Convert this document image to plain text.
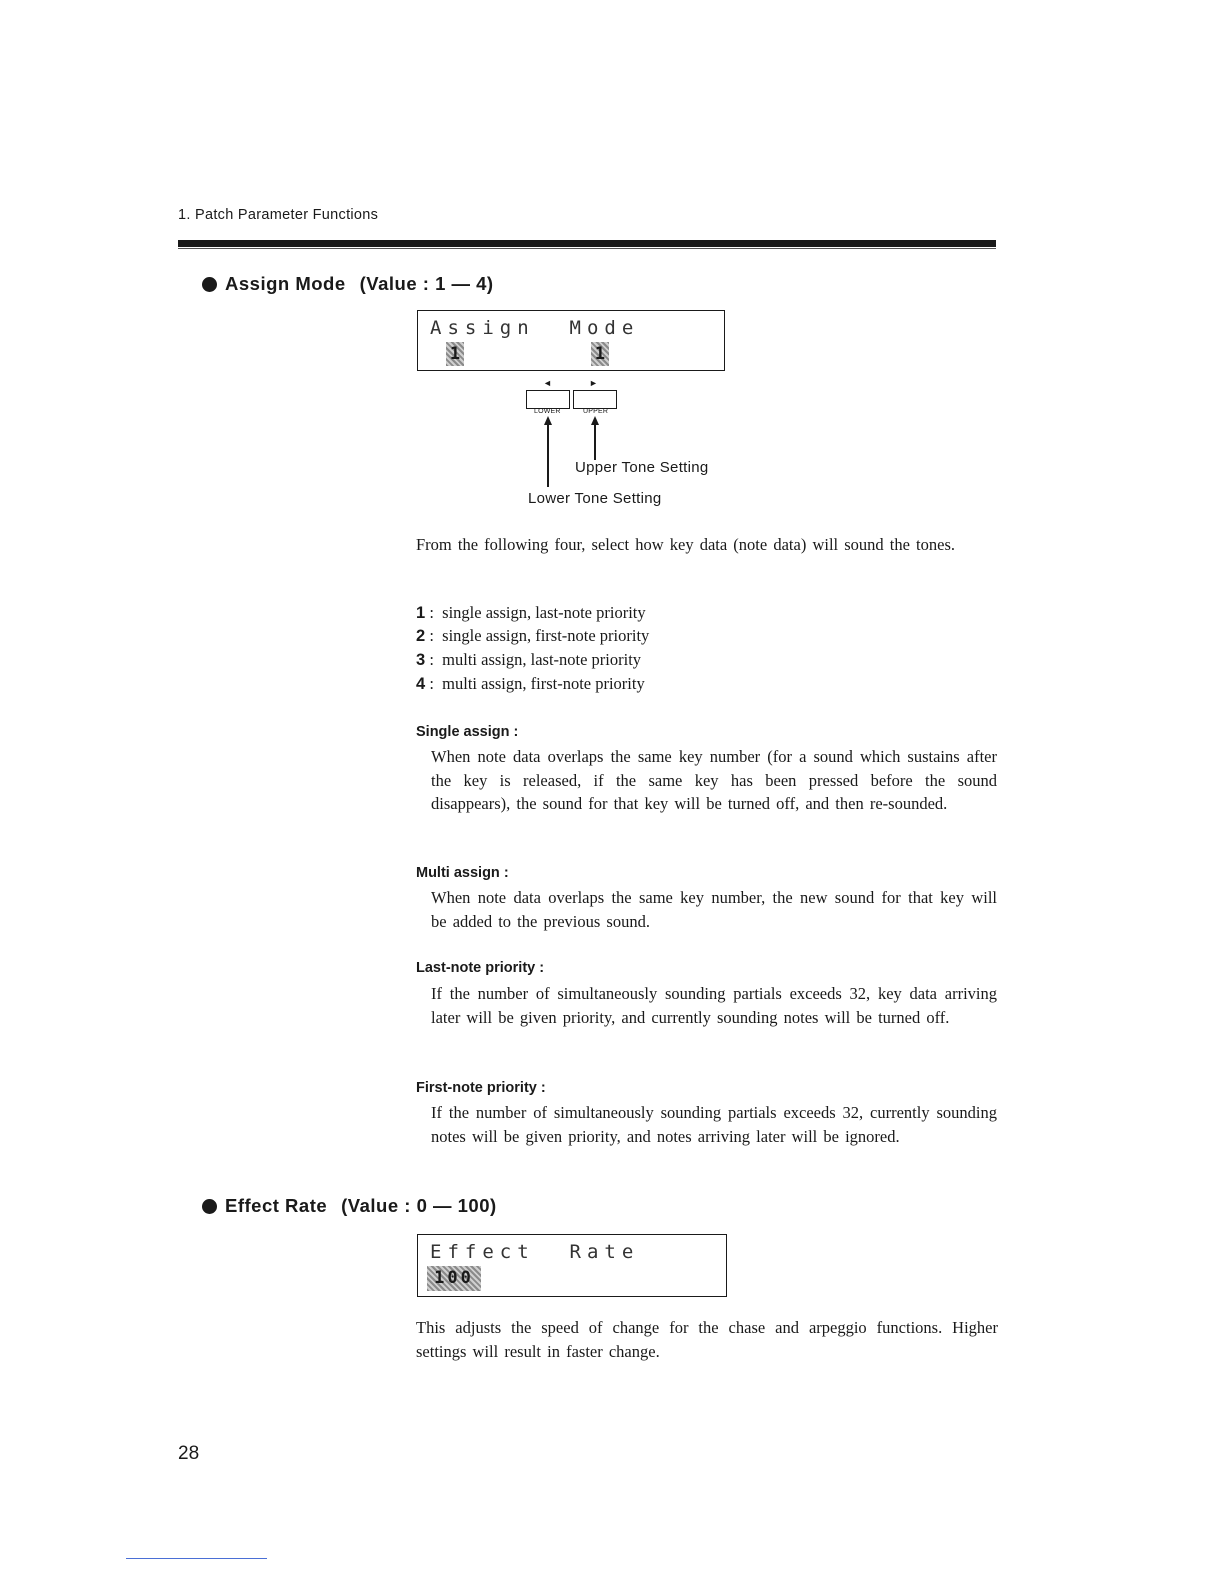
1. Patch Parameter Functions
Assign Mode (Value : 1 — 4)
Assign  Mode
1	1
◄	►
LOWER	UPPER
Upper Tone Setting
Lower Tone Setting
From the following four, select how key data (note data) will sound the tones.
1 : single assign, last-note priority
2 : single assign, first-note priority
3 : multi assign, last-note priority
4 : multi assign, first-note priority
Single assign :
When note data overlaps the same key number (for a sound which sustains after the key is released, if the same key has been pressed before the sound disappears), the sound for that key will be turned off, and then re-sounded.
Multi assign :
When note data overlaps the same key number, the new sound for that key will be added to the previous sound.
Last-note priority :
If the number of simultaneously sounding partials exceeds 32, key data arriving later will be given priority, and currently sounding notes will be turned off.
First-note priority :
If the number of simultaneously sounding partials exceeds 32, currently sounding notes will be given priority, and notes arriving later will be ignored.
Effect Rate (Value : 0 — 100)
Effect  Rate
100
This adjusts the speed of change for the chase and arpeggio functions. Higher settings will result in faster change.
28
